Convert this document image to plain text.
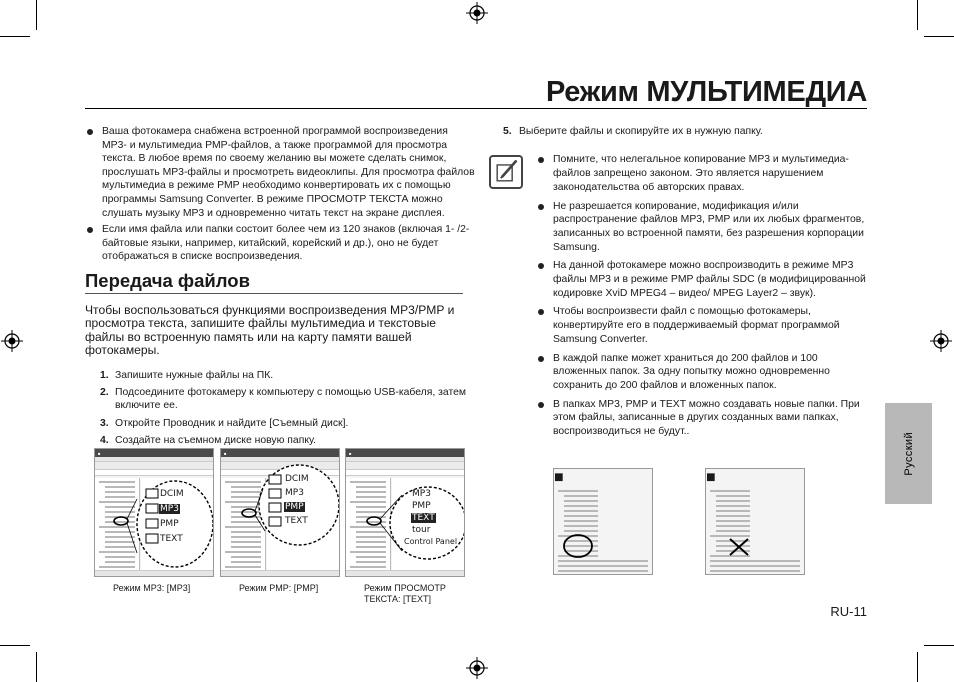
Режим МУЛЬТИМЕДИА
Ваша фотокамера снабжена встроенной программой воспроизведения MP3- и мультимедиа PMP-файлов, а также программой для просмотра текста. В любое время по своему желанию вы можете сделать снимок, прослушать MP3-файлы и просмотреть видеоклипы. Для просмотра файлов мультимедиа в режиме PMP необходимо конвертировать их с помощью программы Samsung Converter. В режиме ПРОСМОТР ТЕКСТА можно слушать музыку MP3 и одновременно читать текст на экране дисплея.
Если имя файла или папки состоит более чем из 120 знаков (включая 1- /2-байтовые языки, например, китайский, корейский и др.), оно не будет отображаться в списке воспроизведения.
Передача файлов

Чтобы воспользоваться функциями воспроизведения MP3/PMP и просмотра текста, запишите файлы мультимедиа и текстовые файлы во встроенную память или на карту памяти вашей фотокамеры.

1. Запишите нужные файлы на ПК.
2. Подсоедините фотокамеру к компьютеру с помощью USB-кабеля, затем включите ее.
3. Откройте Проводник и найдите [Съемный диск].
4. Создайте на съемном диске новую папку.
■
DCIM
MP3
PMP
TEXT
Режим MP3: [MP3]
■
DCIM
MP3
PMP
TEXT
Режим PMP: [PMP]
■
MP3
PMP
TEXT
tour
Control Panel
Режим ПРОСМОТР ТЕКСТА: [TEXT]
5. Выберите файлы и скопируйте их в нужную папку.
Помните, что нелегальное копирование MP3 и мультимедиа-файлов запрещено законом. Это является нарушением законодательства об авторских правах.
Не разрешается копирование, модификация и/или распространение файлов MP3, PMP или их любых фрагментов, записанных во встроенной памяти, без разрешения корпорации Samsung.
На данной фотокамере можно воспроизводить в режиме MP3 файлы MP3 и в режиме PMP файлы SDC (в модифицированной кодировке XviD MPEG4 – видео/ MPEG Layer2 – звук).
Чтобы воспроизвести файл с помощью фотокамеры, конвертируйте его в поддерживаемый формат программой Samsung Converter.
В каждой папке может храниться до 200 файлов и 100 вложенных папок. За одну попытку можно одновременно сохранить до 200 файлов и вложенных папок.
В папках MP3, PMP и TEXT можно создавать новые папки. При этом файлы, записанные в других созданных вами папках, воспроизводиться не будут..
■	■
Русский
RU-11
